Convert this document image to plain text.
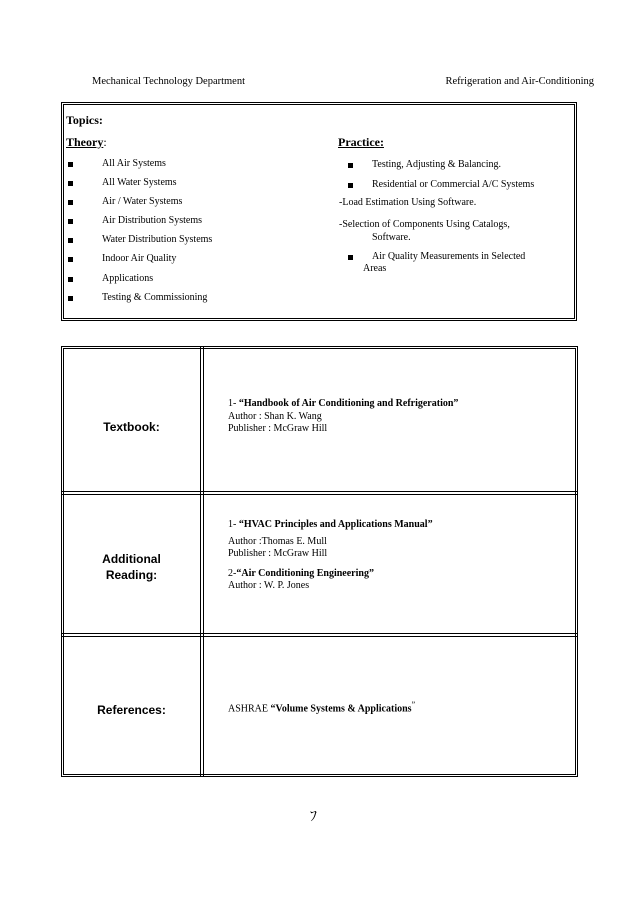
Mechanical Technology Department	Refrigeration and Air-Conditioning
Topics:
Theory:	Practice:
All Air Systems
All Water Systems
Air / Water Systems
Air Distribution Systems
Water Distribution Systems
Indoor Air Quality
Applications
Testing & Commissioning
Testing, Adjusting & Balancing.
Residential or Commercial A/C Systems
-Load Estimation Using Software.
-Selection of Components Using Catalogs,
Software.
Air Quality Measurements in Selected
Areas
Textbook:
1- “Handbook of Air Conditioning and Refrigeration”
Author : Shan K. Wang
Publisher : McGraw Hill
Additional
Reading:
1- “HVAC Principles and Applications Manual”
Author :Thomas E. Mull
Publisher : McGraw Hill
2-“Air Conditioning Engineering”
Author : W. P. Jones
References:	ASHRAE “Volume Systems & Applications”
ﾌ
